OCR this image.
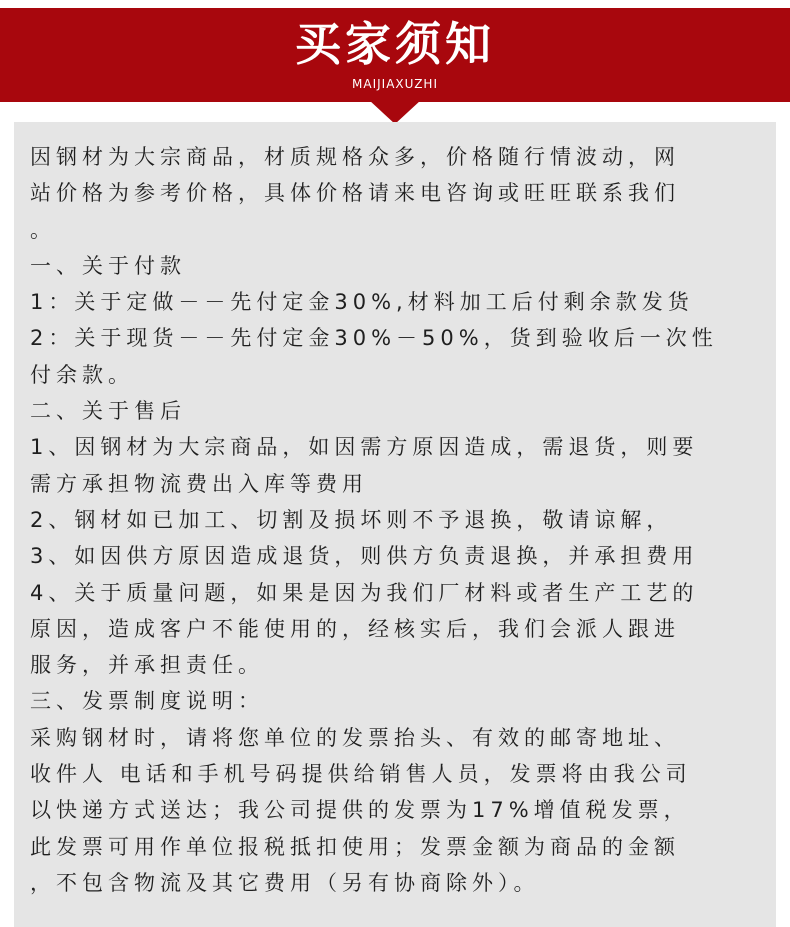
买家须知
MAIJIAXUZHI
因钢材为大宗商品，材质规格众多，价格随行情波动，网
站价格为参考价格，具体价格请来电咨询或旺旺联系我们
。
一、关于付款
1：关于定做－－先付定金30%,材料加工后付剩余款发货
2：关于现货－－先付定金30%－50%，货到验收后一次性
付余款。
二、关于售后
1、因钢材为大宗商品，如因需方原因造成，需退货，则要
需方承担物流费出入库等费用
2、钢材如已加工、切割及损坏则不予退换，敬请谅解，
3、如因供方原因造成退货，则供方负责退换，并承担费用
4、关于质量问题，如果是因为我们厂材料或者生产工艺的
原因，造成客户不能使用的，经核实后，我们会派人跟进
服务，并承担责任。
三、发票制度说明：
采购钢材时，请将您单位的发票抬头、有效的邮寄地址、
收件人 电话和手机号码提供给销售人员，发票将由我公司
以快递方式送达；我公司提供的发票为17%增值税发票，
此发票可用作单位报税抵扣使用；发票金额为商品的金额
，不包含物流及其它费用（另有协商除外）。
